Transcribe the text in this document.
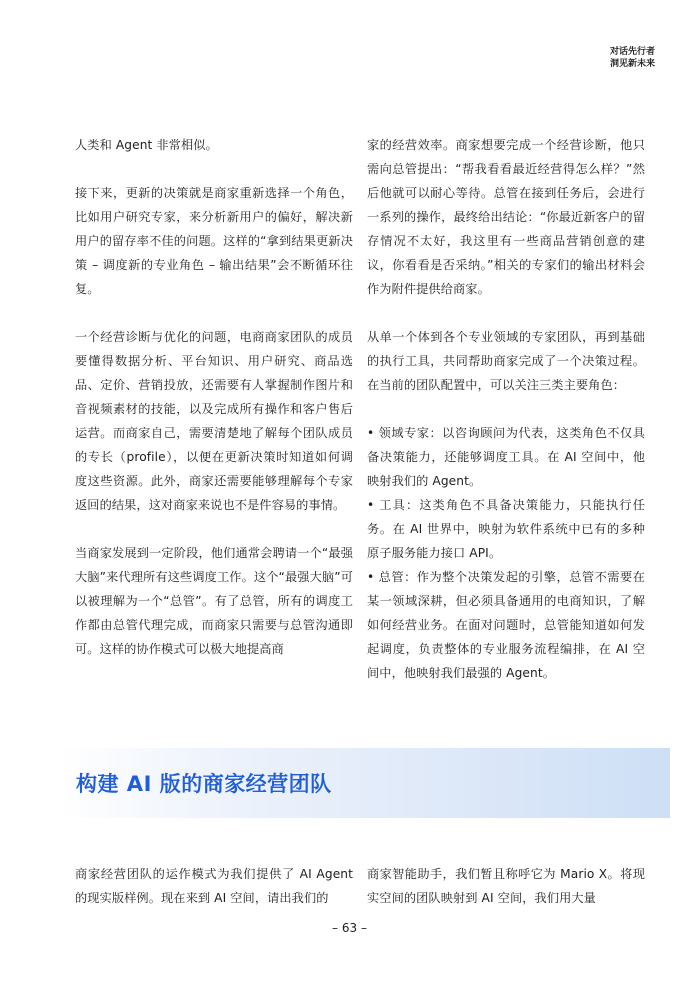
对话先行者
洞见新未来

人类和 Agent 非常相似。

接下来，更新的决策就是商家重新选择一个角色，比如用户研究专家，来分析新用户的偏好，解决新用户的留存率不佳的问题。这样的“拿到结果更新决策 – 调度新的专业角色 – 输出结果”会不断循环往复。

一个经营诊断与优化的问题，电商商家团队的成员要懂得数据分析、平台知识、用户研究、商品选品、定价、营销投放，还需要有人掌握制作图片和音视频素材的技能，以及完成所有操作和客户售后运营。而商家自己，需要清楚地了解每个团队成员的专长（profile），以便在更新决策时知道如何调度这些资源。此外，商家还需要能够理解每个专家返回的结果，这对商家来说也不是件容易的事情。

当商家发展到一定阶段，他们通常会聘请一个“最强大脑”来代理所有这些调度工作。这个“最强大脑”可以被理解为一个“总管”。有了总管，所有的调度工作都由总管代理完成，而商家只需要与总管沟通即可。这样的协作模式可以极大地提高商

家的经营效率。商家想要完成一个经营诊断，他只需向总管提出：“帮我看看最近经营得怎么样？”然后他就可以耐心等待。总管在接到任务后，会进行一系列的操作，最终给出结论：“你最近新客户的留存情况不太好，我这里有一些商品营销创意的建议，你看看是否采纳。”相关的专家们的输出材料会作为附件提供给商家。

从单一个体到各个专业领域的专家团队，再到基础的执行工具，共同帮助商家完成了一个决策过程。在当前的团队配置中，可以关注三类主要角色：

• 领域专家：以咨询顾问为代表，这类角色不仅具备决策能力，还能够调度工具。在 AI 空间中，他映射我们的 Agent。

• 工具：这类角色不具备决策能力，只能执行任务。在 AI 世界中，映射为软件系统中已有的多种原子服务能力接口 API。

• 总管：作为整个决策发起的引擎，总管不需要在某一领域深耕，但必须具备通用的电商知识，了解如何经营业务。在面对问题时，总管能知道如何发起调度，负责整体的专业服务流程编排，在 AI 空间中，他映射我们最强的 Agent。

构建 AI 版的商家经营团队

商家经营团队的运作模式为我们提供了 AI Agent 的现实版样例。现在来到 AI 空间，请出我们的

商家智能助手，我们暂且称呼它为 Mario X。将现实空间的团队映射到 AI 空间，我们用大量

– 63 –
